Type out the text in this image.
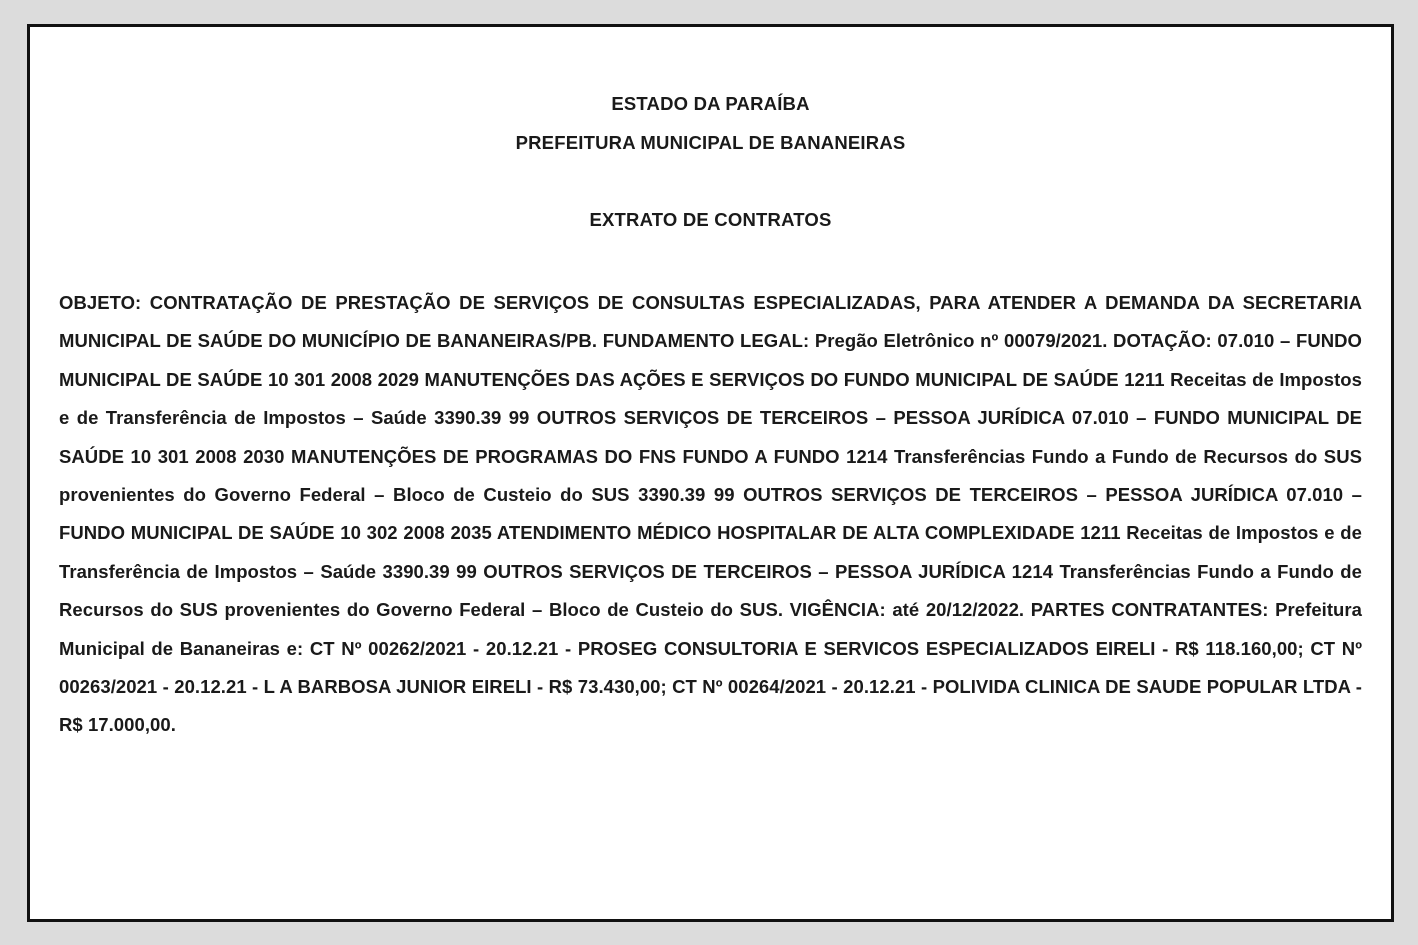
ESTADO DA PARAÍBA

PREFEITURA MUNICIPAL DE BANANEIRAS

EXTRATO DE CONTRATOS

OBJETO: CONTRATAÇÃO DE PRESTAÇÃO DE SERVIÇOS DE CONSULTAS ESPECIALIZADAS, PARA ATENDER A DEMANDA DA SECRETARIA MUNICIPAL DE SAÚDE DO MUNICÍPIO DE BANANEIRAS/PB. FUNDAMENTO LEGAL: Pregão Eletrônico nº 00079/2021. DOTAÇÃO: 07.010 – FUNDO MUNICIPAL DE SAÚDE 10 301 2008 2029 MANUTENÇÕES DAS AÇÕES E SERVIÇOS DO FUNDO MUNICIPAL DE SAÚDE 1211 Receitas de Impostos e de Transferência de Impostos – Saúde 3390.39 99 OUTROS SERVIÇOS DE TERCEIROS – PESSOA JURÍDICA 07.010 – FUNDO MUNICIPAL DE SAÚDE 10 301 2008 2030 MANUTENÇÕES DE PROGRAMAS DO FNS FUNDO A FUNDO 1214 Transferências Fundo a Fundo de Recursos do SUS provenientes do Governo Federal – Bloco de Custeio do SUS 3390.39 99 OUTROS SERVIÇOS DE TERCEIROS – PESSOA JURÍDICA 07.010 – FUNDO MUNICIPAL DE SAÚDE 10 302 2008 2035 ATENDIMENTO MÉDICO HOSPITALAR DE ALTA COMPLEXIDADE 1211 Receitas de Impostos e de Transferência de Impostos – Saúde 3390.39 99 OUTROS SERVIÇOS DE TERCEIROS – PESSOA JURÍDICA 1214 Transferências Fundo a Fundo de Recursos do SUS provenientes do Governo Federal – Bloco de Custeio do SUS. VIGÊNCIA: até 20/12/2022. PARTES CONTRATANTES: Prefeitura Municipal de Bananeiras e: CT Nº 00262/2021 - 20.12.21 - PROSEG CONSULTORIA E SERVICOS ESPECIALIZADOS EIRELI - R$ 118.160,00; CT Nº 00263/2021 - 20.12.21 - L A BARBOSA JUNIOR EIRELI - R$ 73.430,00; CT Nº 00264/2021 - 20.12.21 - POLIVIDA CLINICA DE SAUDE POPULAR LTDA - R$ 17.000,00.
